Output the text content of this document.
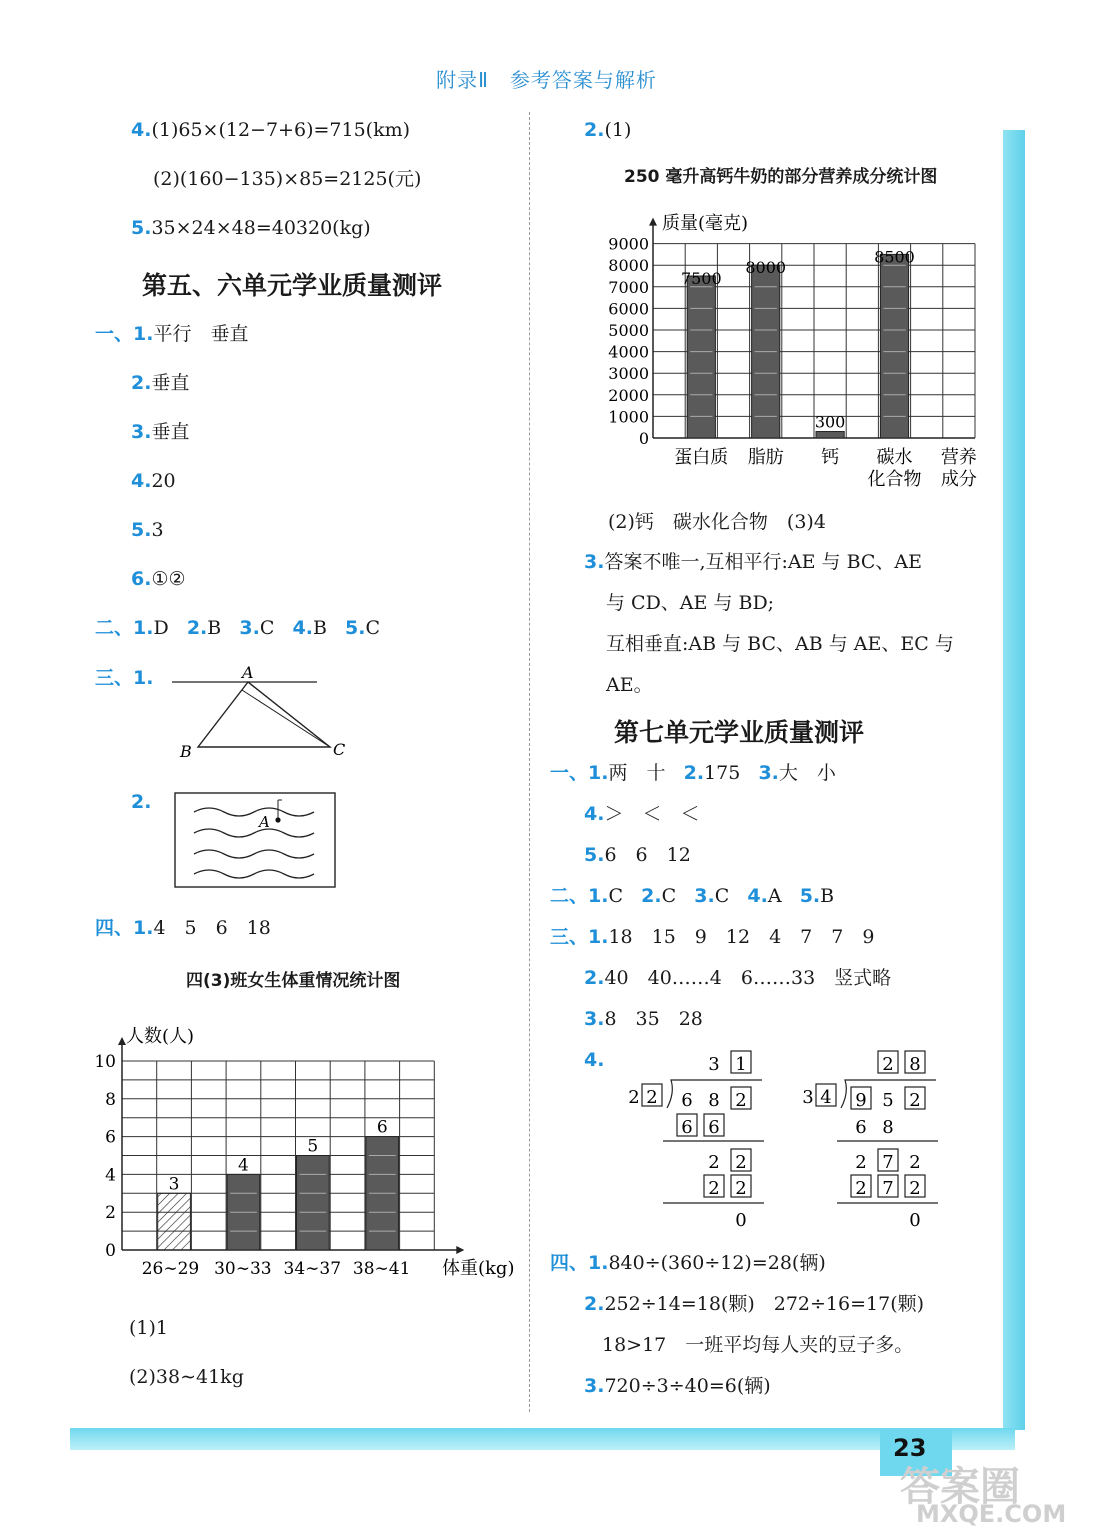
附录Ⅱ　参考答案与解析
23
答案圈
MXQE.COM
4.(1)65×(12−7+6)=715(km)
(2)(160−135)×85=2125(元)
5.35×24×48=40320(kg)
第五、六单元学业质量测评
一、1.平行　垂直
2.垂直
3.垂直
4.20
5.3
6.①②
二、1.D 2.B 3.C 4.B 5.C
三、1.	A
B	C
2.
A
四、1.4　5　6　18
四(3)班女生体重情况统计图
人数(人)
体重(kg)
0
2
4
6
8
10
3
26∼29
4
30∼33
5
34∼37
6
38∼41
(1)1
(2)38∼41kg
2.(1)
250 毫升高钙牛奶的部分营养成分统计图
质量(毫克)
0
1000
2000
3000
4000
5000
6000
7000
8000
9000
7500
蛋白质
8000
脂肪
300
钙
8500
碳水
化合物
营养
成分
(2)钙　碳水化合物　(3)4
3.答案不唯一,互相平行:AE 与 BC、AE
与 CD、AE 与 BD;
互相垂直:AB 与 BC、AB 与 AE、EC 与
AE。
第七单元学业质量测评
一、1.两　十 2.175 3.大　小
4.＞　＜　＜
5.6　6　12
二、1.C 2.C 3.C 4.A 5.B
三、1.18　15　9　12　4　7　7　9
2.40　40……4　6……33　竖式略
3.8　35　28
4.	3 1
2 2 6 8 2
6 6
2 2
2 2
0
2 8
3 4 9 5 2
6 8
2 7 2
2 7 2
0
四、1.840÷(360÷12)=28(辆)
2.252÷14=18(颗)　272÷16=17(颗)
18>17　一班平均每人夹的豆子多。
3.720÷3÷40=6(辆)
